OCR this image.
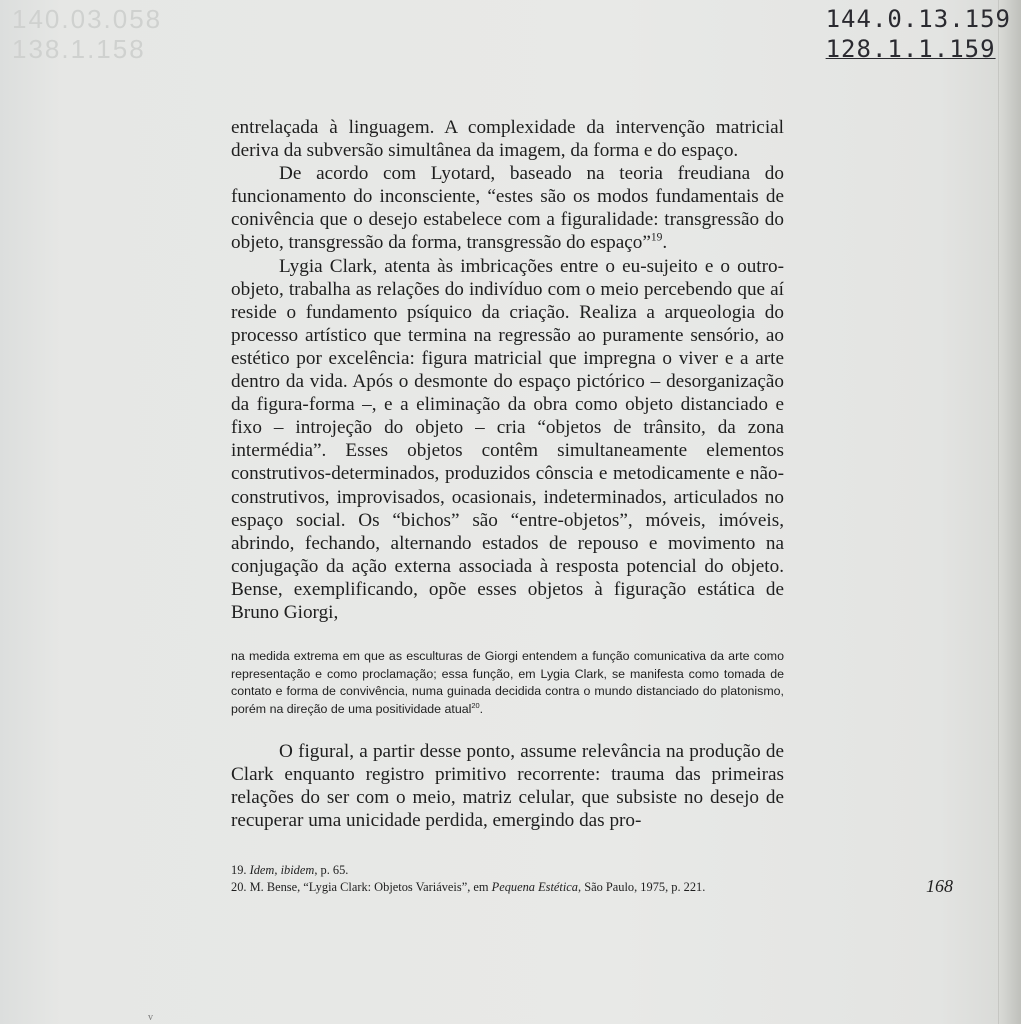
140.03.058
138.1.158
144.0.13.159
128.1.1.159

entrelaçada à linguagem. A complexidade da intervenção matricial deriva da subversão simultânea da imagem, da forma e do espaço.

De acordo com Lyotard, baseado na teoria freudiana do funcionamento do inconsciente, “estes são os modos fundamentais de conivência que o desejo estabelece com a figuralidade: transgressão do objeto, transgressão da forma, transgressão do espaço”$^{19}$.

Lygia Clark, atenta às imbricações entre o eu-sujeito e o outro-objeto, trabalha as relações do indivíduo com o meio percebendo que aí reside o fundamento psíquico da criação. Realiza a arqueologia do processo artístico que termina na regressão ao puramente sensório, ao estético por excelência: figura matricial que impregna o viver e a arte dentro da vida. Após o desmonte do espaço pictórico – desorganização da figura-forma –, e a eliminação da obra como objeto distanciado e fixo – introjeção do objeto – cria “objetos de trânsito, da zona intermédia”. Esses objetos contêm simultaneamente elementos construtivos-determinados, produzidos cônscia e metodicamente e não-construtivos, improvisados, ocasionais, indeterminados, articulados no espaço social. Os “bichos” são “entre-objetos”, móveis, imóveis, abrindo, fechando, alternando estados de repouso e movimento na conjugação da ação externa associada à resposta potencial do objeto. Bense, exemplificando, opõe esses objetos à figuração estática de Bruno Giorgi,

na medida extrema em que as esculturas de Giorgi entendem a função comunicativa da arte como representação e como proclamação; essa função, em Lygia Clark, se manifesta como tomada de contato e forma de convivência, numa guinada decidida contra o mundo distanciado do platonismo, porém na direção de uma positividade atual$^{20}$.

O figural, a partir desse ponto, assume relevância na produção de Clark enquanto registro primitivo recorrente: trauma das primeiras relações do ser com o meio, matriz celular, que subsiste no desejo de recuperar uma unicidade perdida, emergindo das pro-

19. Idem, ibidem, p. 65.
20. M. Bense, “Lygia Clark: Objetos Variáveis”, em Pequena Estética, São Paulo, 1975, p. 221.	168
v
